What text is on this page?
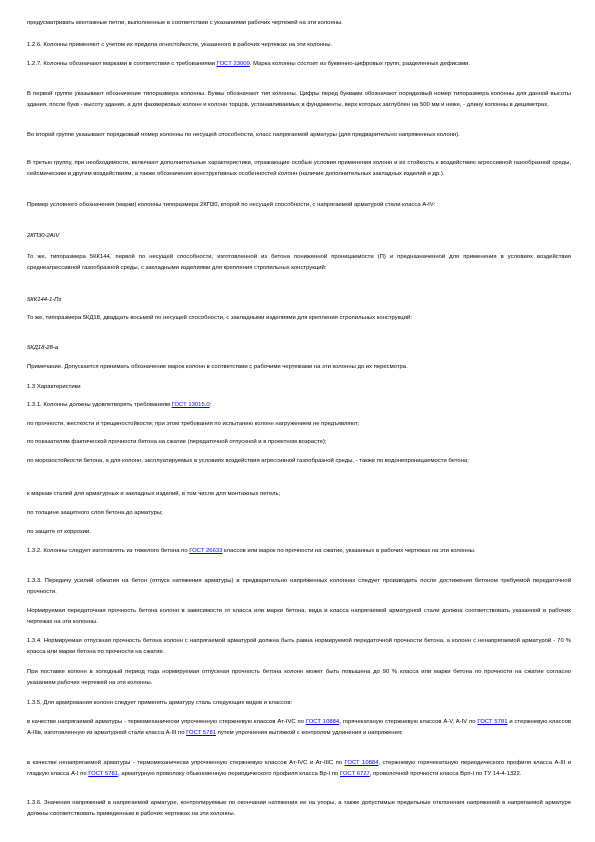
предусматривать монтажные петли, выполненные в соответствии с указаниями рабочих чертежей на эти колонны.

1.2.6. Колонны применяют с учетом их предела огнестойкости, указанного в рабочих чертежах на эти колонны.

1.2.7. Колонны обозначают марками в соответствии с требованиями ГОСТ 23009. Марка колонны состоит из буквенно-цифровых групп, разделенных дефисами.

В первой группе указывают обозначение типоразмера колонны. Буквы обозначают тип колонны. Цифры перед буквами обозначают порядковый номер типоразмера колонны для данной высоты здания, после букв - высоту здания, а для фахверковых колонн и колонн торцов, устанавливаемых в фундаменты, верх которых заглублен на 500 мм и ниже, - длину колонны в дециметрах.

Во второй группе указывают порядковый номер колонны по несущей способности, класс напрягаемой арматуры (для предварительно напряженных колонн).

В третью группу, при необходимости, включают дополнительные характеристики, отражающие особые условия применения колонн и их стойкость к воздействию агрессивной газообразной среды, сейсмическим и другим воздействиям, а также обозначения конструктивных особенностей колонн (наличие дополнительных закладных изделий и др.).

Пример условного обозначения (марки) колонны типоразмера 2КП30, второй по несущей способности, с напрягаемой арматурой стали класса A-IV:

2КП30-2AIV

То же, типоразмера 5КК144, первой по несущей способности, изготовленной из бетона пониженной проницаемости (П) и предназначенной для применения в условиях воздействия среднеагрессивной газообразной среды, с закладными изделиями для крепления стропильных конструкций:

5КК144-1-Пз

То же, типоразмера 5КД18, двадцать восьмой по несущей способности, с закладными изделиями для крепления стропильных конструкций:

5КД18-28-а

Примечание. Допускается принимать обозначение марок колонн в соответствии с рабочими чертежами на эти колонны до их пересмотра.

1.3 Характеристики

1.3.1. Колонны должны удовлетворять требованиям ГОСТ 13015.0:

по прочности, жесткости и трещиностойкости; при этом требования по испытанию колонн нагружением не предъявляют;

по показателям фактической прочности бетона на сжатие (передаточной отпускной и в проектном возрасте);

по морозостойкости бетона, а для колонн, эксплуатируемых в условиях воздействия агрессивной газообразной среды, - также по водонепроницаемости бетона;

к маркам сталей для арматурных и закладных изделий, в том числе для монтажных петель;

по толщине защитного слоя бетона до арматуры;

по защите от коррозии.

1.3.2. Колонны следует изготовлять из тяжелого бетона по ГОСТ 26633 классов или марок по прочности на сжатие, указанных в рабочих чертежах на эти колонны.

1.3.3. Передачу усилий обжатия на бетон (отпуск натяжения арматуры) в предварительно напряженных колоннах следует производить после достижения бетоном требуемой передаточной прочности.

Нормируемая передаточная прочность бетона колонн в зависимости от класса или марки бетона, вида и класса напрягаемой арматурной стали должна соответствовать указанной в рабочих чертежах на эти колонны.

1.3.4. Нормируемая отпускная прочность бетона колонн с напрягаемой арматурой должна быть равна нормируемой передаточной прочности бетона, а колонн с ненапрягаемой арматурой - 70 % класса или марки бетона по прочности на сжатие.

При поставке колонн в холодный период года нормируемая отпускная прочность бетона колонн может быть повышена до 90 % класса или марки бетона по прочности на сжатие согласно указаниям рабочих чертежей на эти колонны.

1.3.5. Для армирования колонн следует применять арматуру сталь следующих видов и классов:

в качестве напрягаемой арматуры - термомеханически упрочненную стержневую классов Ат-IVC по ГОСТ 10884, горячекатаную стержневую классов A-V, A-IV по ГОСТ 5781 и стержневую классов A-IIIв, изготовленную из арматурной стали класса A-III по ГОСТ 5781 путем упрочнения вытяжкой с контролем удлинения и напряжения;

в качестве ненапрягаемой арматуры - термомеханически упрочненную стержневую классов Ат-IVC и Ат-IIIC по ГОСТ 10884, стержневую горячекатаную периодического профиля класса A-III и гладкую класса A-I по ГОСТ 5781, арматурную проволоку обыкновенную периодического профиля класса Вр-I по ГОСТ 6727, проволочной прочности класса Врп-I по ТУ 14-4-1322.

1.3.6. Значения напряжений в напрягаемой арматуре, контролируемые по окончании натяжения ее на упоры, а также допустимые предельные отклонения напряжений в напрягаемой арматуре должны соответствовать приведенным в рабочих чертежах на эти колонны.
